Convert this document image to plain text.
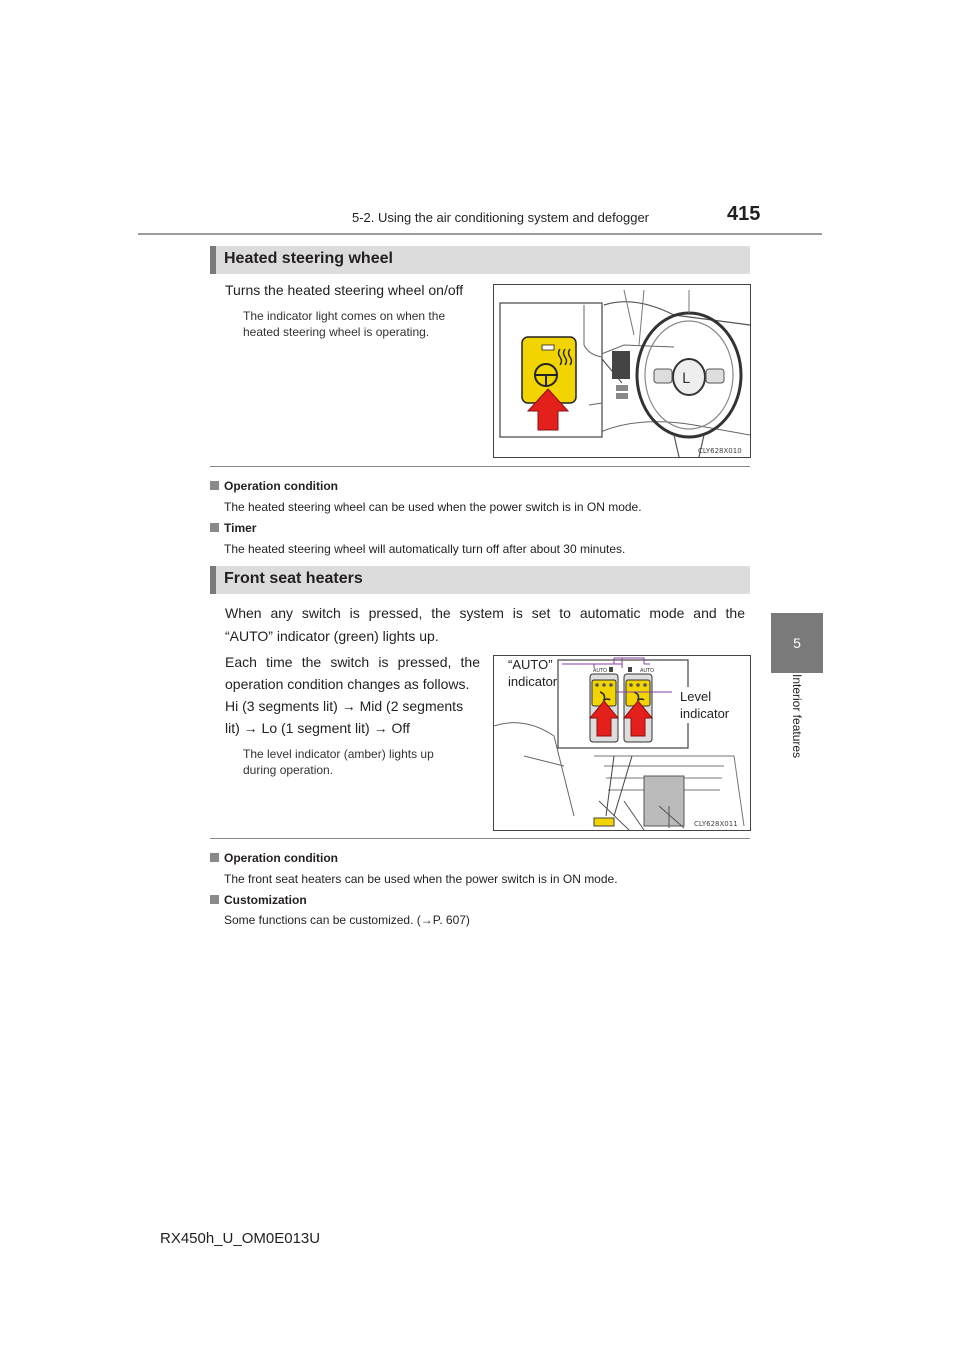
5-2. Using the air conditioning system and defogger	415
5
Interior features
Heated steering wheel
Turns the heated steering wheel on/off
The indicator light comes on when the
heated steering wheel is operating.
L
CLY628X010
Operation condition
The heated steering wheel can be used when the power switch is in ON mode.
Timer
The heated steering wheel will automatically turn off after about 30 minutes.
Front seat heaters
When any switch is pressed, the system is set to automatic mode and the
“AUTO” indicator (green) lights up.
Each time the switch is pressed, the
operation condition changes as follows.
Hi (3 segments lit) → Mid (2 segments
lit) → Lo (1 segment lit) → Off
The level indicator (amber) lights up
during operation.
AUTO	AUTO
CLY628X011
“AUTO”
indicator
Level
indicator
Operation condition
The front seat heaters can be used when the power switch is in ON mode.
Customization
Some functions can be customized. (→P. 607)
RX450h_U_OM0E013U
